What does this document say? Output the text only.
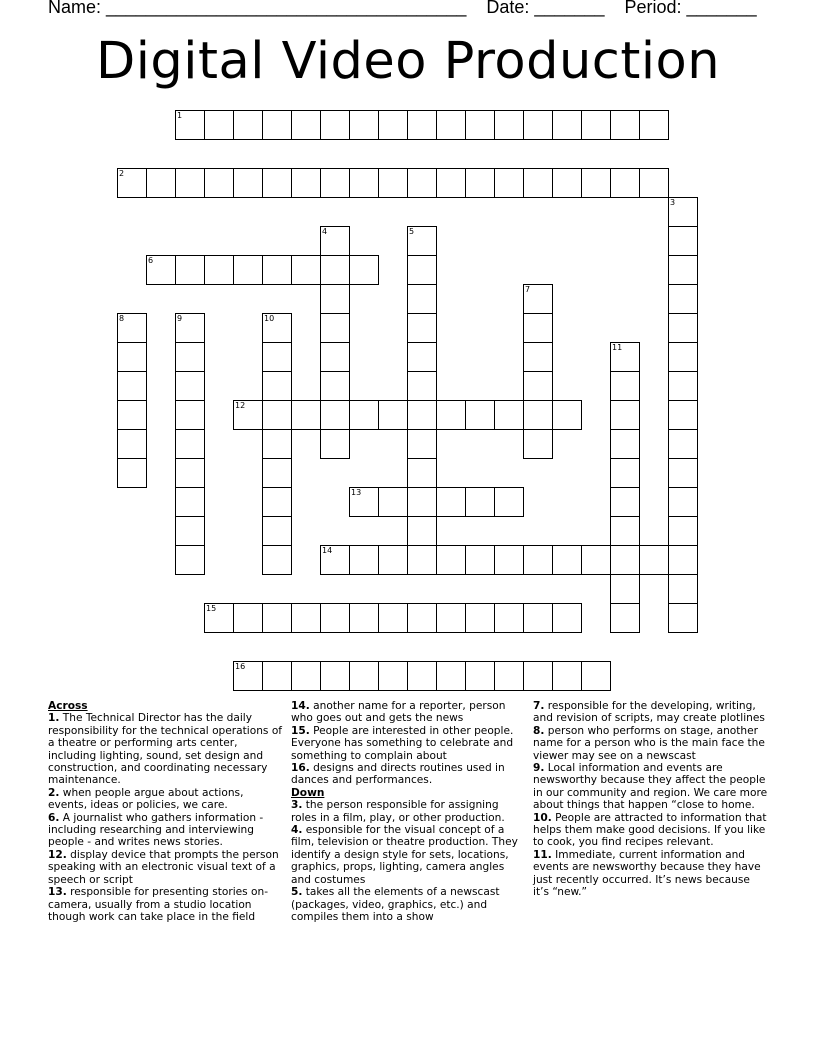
Name: ____________________________________    Date: _______    Period: _______
Digital Video Production
1
2
3
4	5
6
7
8	9	10
11
12
13
14
15
16
Across
1. The Technical Director has the daily responsibility for the technical operations of a theatre or performing arts center, including lighting, sound, set design and construction, and coordinating necessary maintenance.
2. when people argue about actions, events, ideas or policies, we care.
6. A journalist who gathers information - including researching and interviewing people - and writes news stories.
12. display device that prompts the person speaking with an electronic visual text of a speech or script
13. responsible for presenting stories on-camera, usually from a studio location though work can take place in the field
14. another name for a reporter, person who goes out and gets the news
15. People are interested in other people. Everyone has something to celebrate and something to complain about
16. designs and directs routines used in dances and performances.
Down
3. the person responsible for assigning roles in a film, play, or other production.
4. esponsible for the visual concept of a film, television or theatre production. They identify a design style for sets, locations, graphics, props, lighting, camera angles and costumes
5. takes all the elements of a newscast (packages, video, graphics, etc.) and compiles them into a show
7. responsible for the developing, writing, and revision of scripts, may create plotlines
8. person who performs on stage, another name for a person who is the main face the viewer may see on a newscast
9. Local information and events are newsworthy because they affect the people in our community and region. We care more about things that happen “close to home.
10. People are attracted to information that helps them make good decisions. If you like to cook, you find recipes relevant.
11. Immediate, current information and events are newsworthy because they have just recently occurred. It’s news because it’s “new.”
